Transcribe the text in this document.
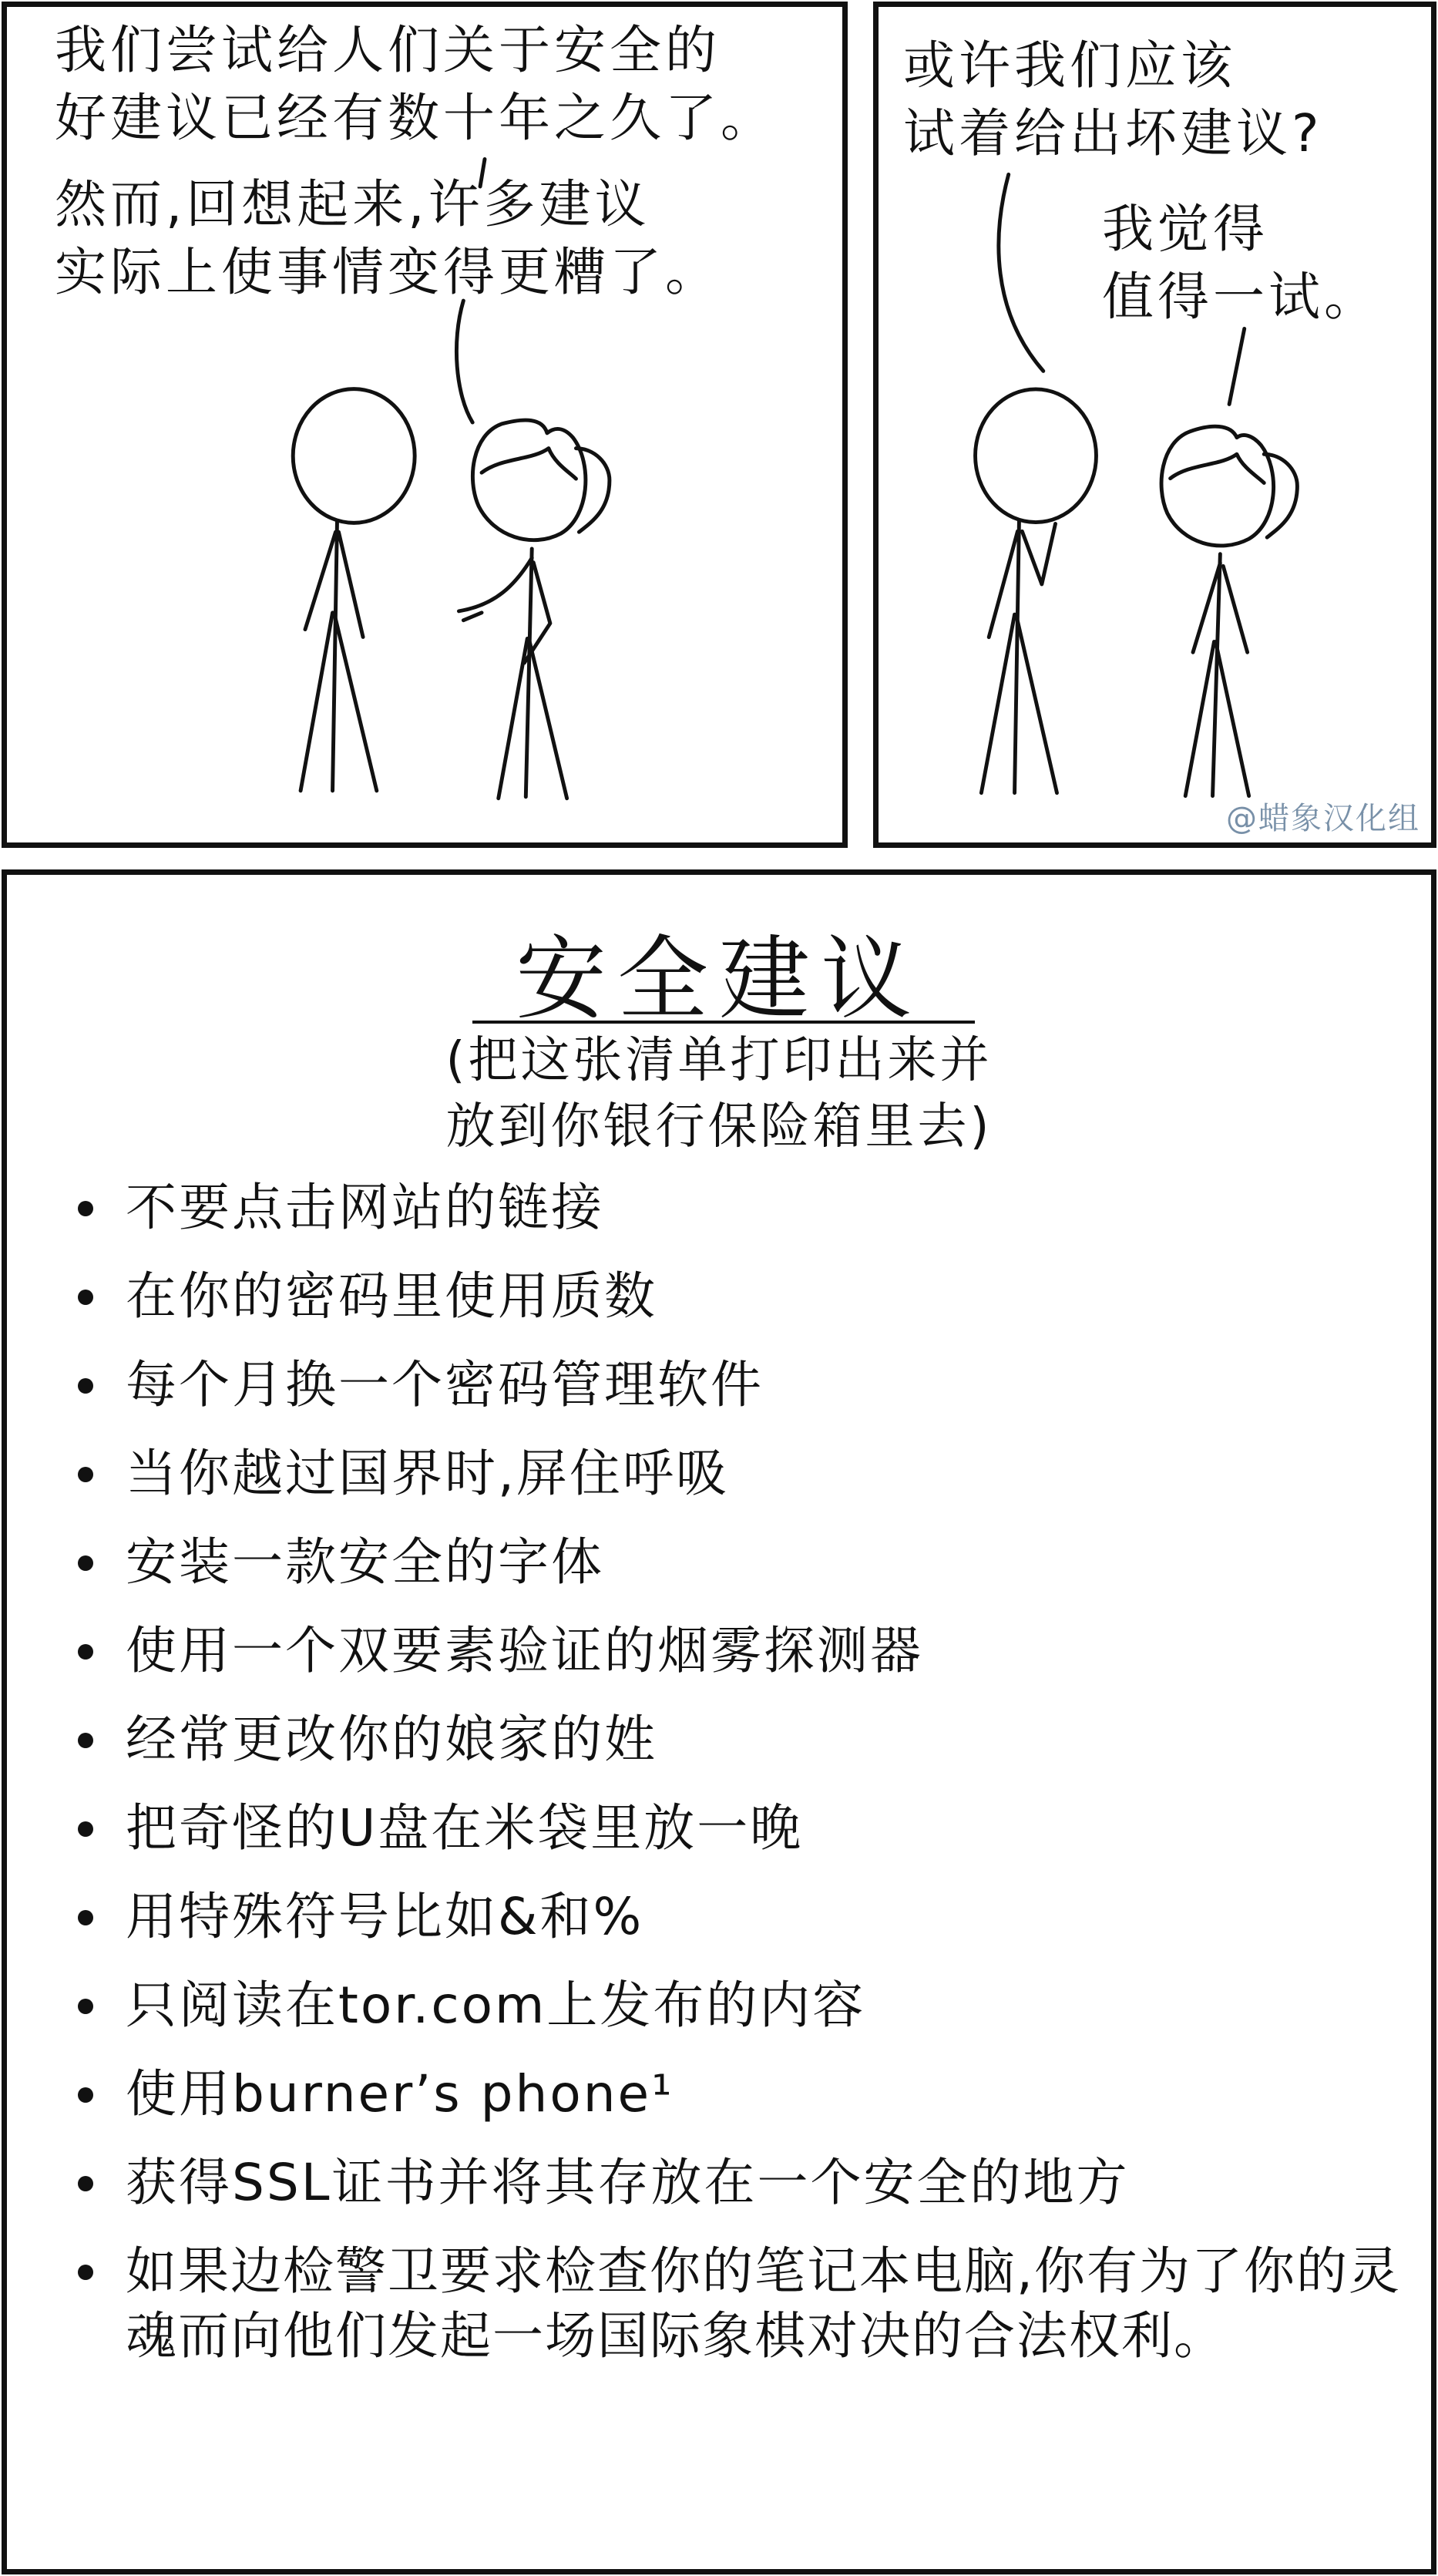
我们尝试给人们关于安全的
好建议已经有数十年之久了。
然而,回想起来,许多建议
实际上使事情变得更糟了。
或许我们应该
试着给出坏建议?
我觉得
值得一试。
@蜡象汉化组
安全建议
(把这张清单打印出来并
放到你银行保险箱里去)
不要点击网站的链接
在你的密码里使用质数
每个月换一个密码管理软件
当你越过国界时,屏住呼吸
安装一款安全的字体
使用一个双要素验证的烟雾探测器
经常更改你的娘家的姓
把奇怪的U盘在米袋里放一晚
用特殊符号比如&和%
只阅读在tor.com上发布的内容
使用burner’s phone¹
获得SSL证书并将其存放在一个安全的地方
如果边检警卫要求检查你的笔记本电脑,你有为了你的灵魂而向他们发起一场国际象棋对决的合法权利。
